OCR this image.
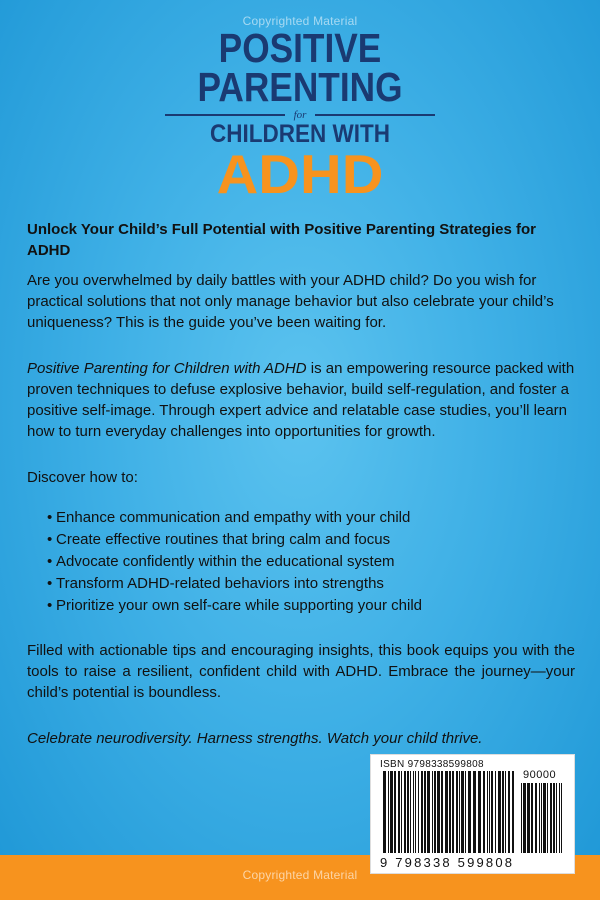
Copyrighted Material
POSITIVE
PARENTING
for
CHILDREN WITH
ADHD
Unlock Your Child’s Full Potential with Positive Parenting Strategies for ADHD
Are you overwhelmed by daily battles with your ADHD child? Do you wish for practical solutions that not only manage behavior but also celebrate your child’s uniqueness? This is the guide you’ve been waiting for.
Positive Parenting for Children with ADHD is an empowering resource packed with proven techniques to defuse explosive behavior, build self-regulation, and foster a positive self-image. Through expert advice and relatable case studies, you’ll learn how to turn everyday challenges into opportunities for growth.
Discover how to:
• Enhance communication and empathy with your child
• Create effective routines that bring calm and focus
• Advocate confidently within the educational system
• Transform ADHD-related behaviors into strengths
• Prioritize your own self-care while supporting your child
Filled with actionable tips and encouraging insights, this book equips you with the tools to raise a resilient, confident child with ADHD. Embrace the journey—your child’s potential is boundless.
Celebrate neurodiversity. Harness strengths. Watch your child thrive.
ISBN 9798338599808
90000
9 798338 599808
Copyrighted Material
